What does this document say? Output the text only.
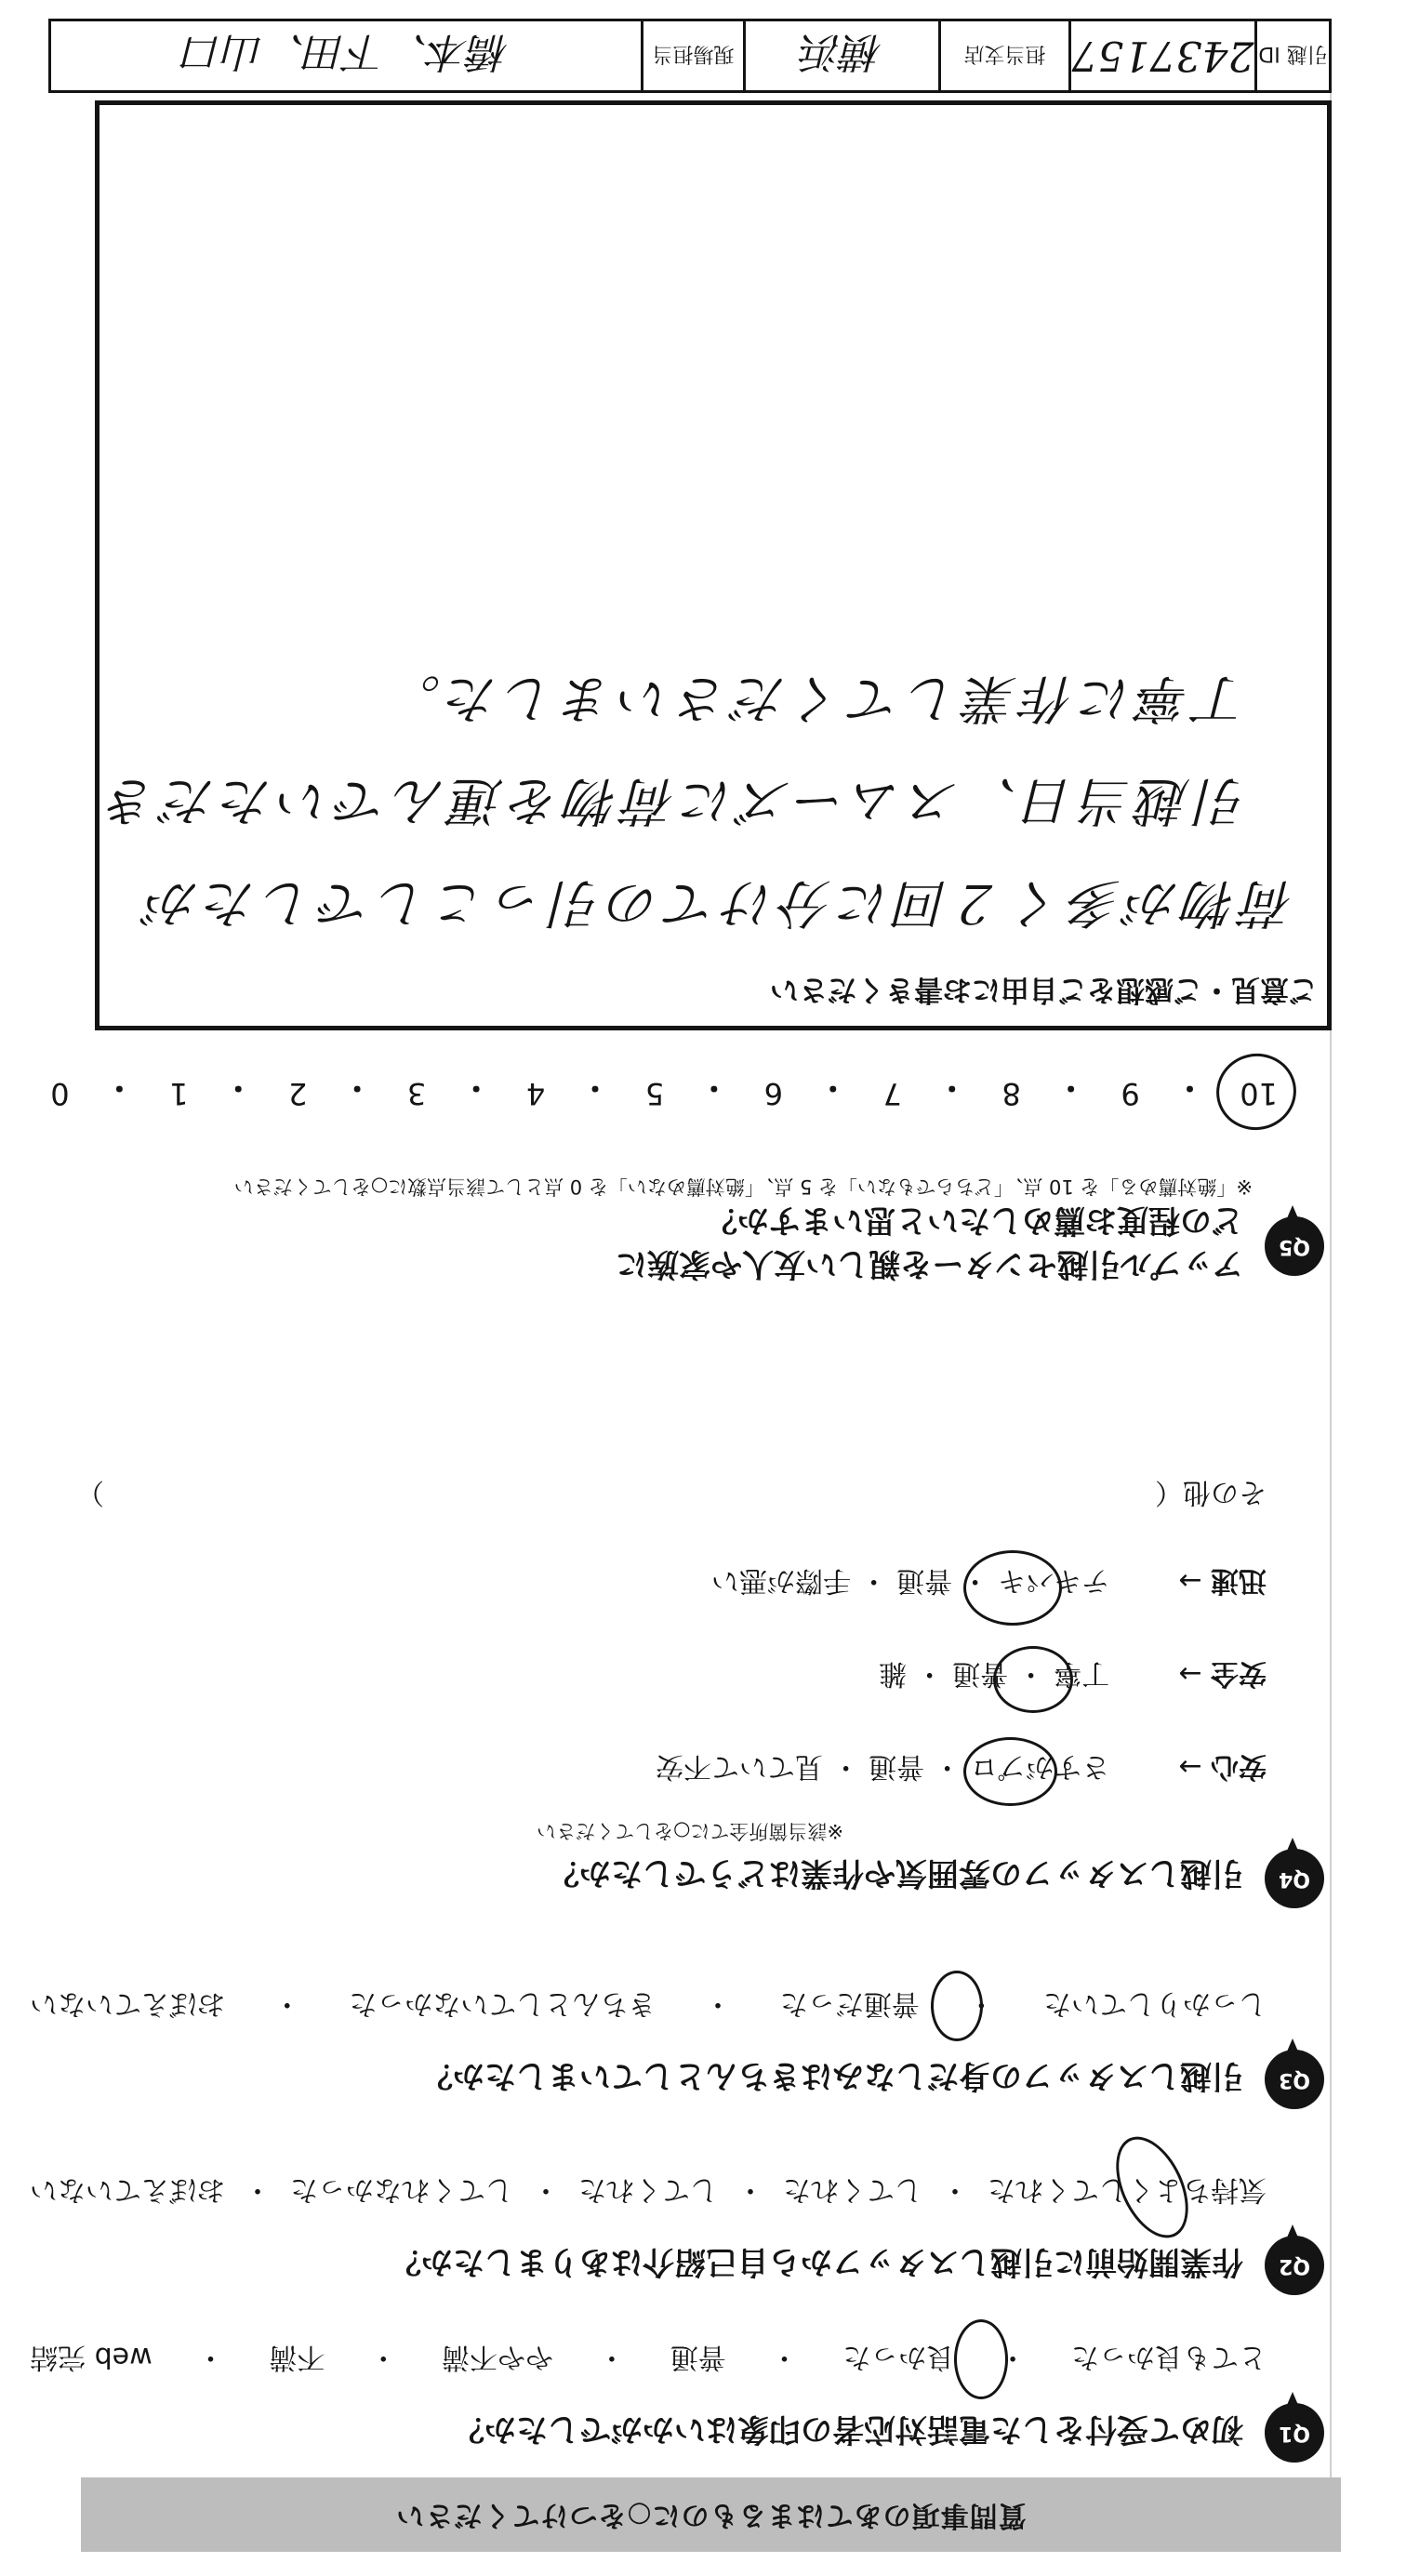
質問事項のあてはまるものに○をつけてください
Q1
初めて受付をした電話対応者の印象はいかがでしたか？
とても良かった
・
良かった
・
普通
・
やや不満
・
不満
・
web 完結
Q2
作業開始前に引越しスタッフから自己紹介はありましたか？
気持ちよくしてくれた
・
してくれた
・
してくれた
・
してくれなかった
・
おぼえていない
Q3
引越しスタッフの身だしなみはきちんとしていましたか？
しっかりしていた
・
普通だった
・
きちんとしていなかった
・
おぼえていない
Q4
引越しスタッフの雰囲気や作業はどうでしたか？
※該当箇所全てに○をしてください
安心 →  さすがプロ ・ 普通 ・ 見ていて不安
安全 →  丁寧 ・ 普通 ・ 雑
迅速 →  テキパキ ・ 普通 ・ 手際が悪い
その他（
）
Q5
アップル引越センターを親しい友人や家族に
どの程度お薦めしたいと思いますか？
※「絶対薦める」を 10 点、「どちらでもない」を 5 点、「絶対薦めない」を 0 点として該当点数に○をしてください
10
・
9
・
8
・
7
・
6
・
5
・
4
・
3
・
2
・
1
・
0
ご意見・ご感想をご自由にお書きください
荷物が多く２回に分けての引っこしでしたが
引越当日、スムーズに荷物を運んでいただき
丁寧に作業してくださいました。
引越 ID
2437157
担当支店
横浜
現場担当
橋本、下田、山口
